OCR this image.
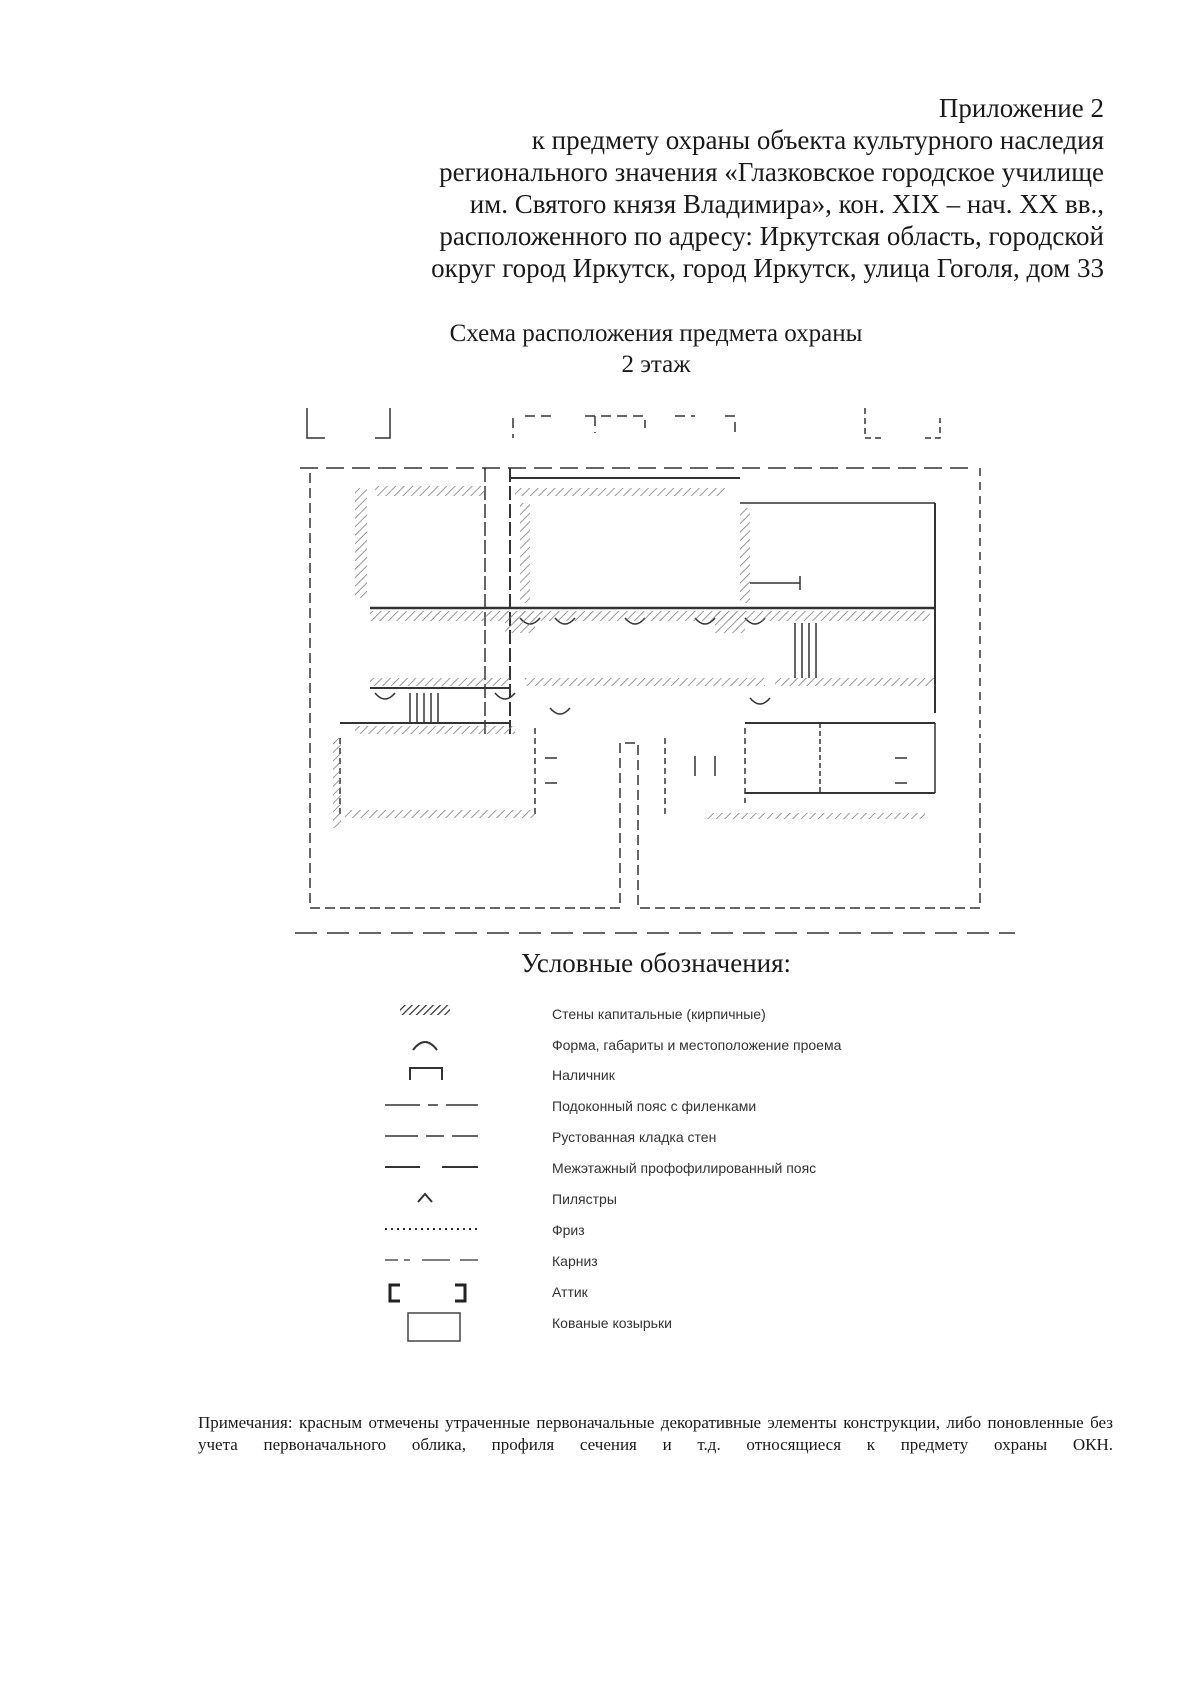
Приложение 2
к предмету охраны объекта культурного наследия
регионального значения «Глазковское городское училище
им. Святого князя Владимира», кон. XIX – нач. XX вв.,
расположенного по адресу: Иркутская область, городской
округ город Иркутск, город Иркутск, улица Гоголя, дом 33
Схема расположения предмета охраны
2 этаж
Условные обозначения:
Стены капитальные (кирпичные)
Форма, габариты и местоположение проема
Наличник
Подоконный пояс с филенками
Рустованная кладка стен
Межэтажный профофилированный пояс
Пилястры
Фриз
Карниз
Аттик
Кованые козырьки
Примечания: красным отмечены утраченные первоначальные декоративные элементы конструкции, либо поновленные без учета первоначального облика, профиля сечения и т.д. относящиеся к предмету охраны ОКН.
